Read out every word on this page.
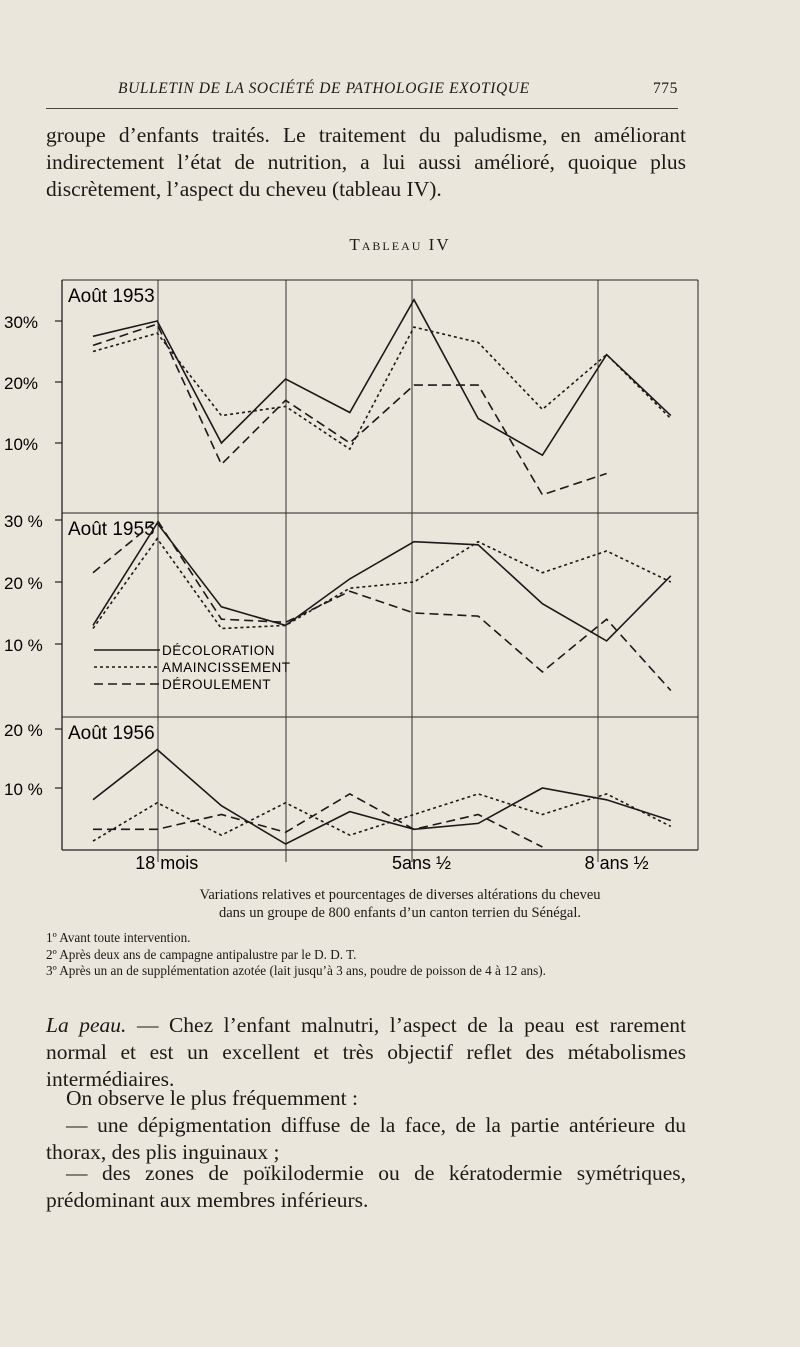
BULLETIN DE LA SOCIÉTÉ DE PATHOLOGIE EXOTIQUE	775
groupe d’enfants traités. Le traitement du paludisme, en améliorant indirectement l’état de nutrition, a lui aussi amélioré, quoique plus discrètement, l’aspect du cheveu (tableau IV).
Tableau IV
Août 1953
30%
20%
10%
Août 1955
30 %
20 %
10 %
Août 1956
20 %
10 %
18 mois	5ans ½	8 ans ½
DÉCOLORATION
AMAINCISSEMENT
DÉROULEMENT
Variations relatives et pourcentages de diverses altérations du cheveu
dans un groupe de 800 enfants d’un canton terrien du Sénégal.
1º Avant toute intervention.
2º Après deux ans de campagne antipalustre par le D. D. T.
3º Après un an de supplémentation azotée (lait jusqu’à 3 ans, poudre de poisson de 4 à 12 ans).
La peau. — Chez l’enfant malnutri, l’aspect de la peau est rarement normal et est un excellent et très objectif reflet des métabolismes intermédiaires.
On observe le plus fréquemment :
— une dépigmentation diffuse de la face, de la partie antérieure du thorax, des plis inguinaux ;
— des zones de poïkilodermie ou de kératodermie symétriques, prédominant aux membres inférieurs.
